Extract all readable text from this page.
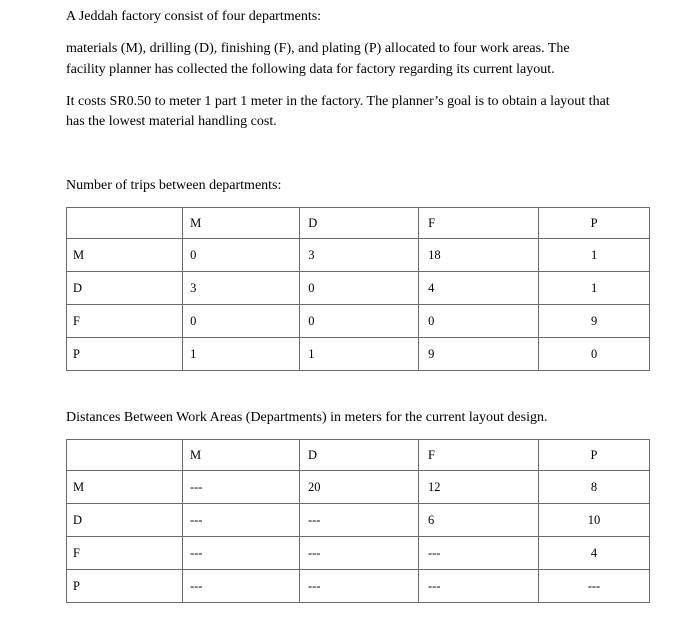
A Jeddah factory consist of four departments:
materials (M), drilling (D), finishing (F), and plating (P) allocated to four work areas. The
facility planner has collected the following data for factory regarding its current layout.
It costs SR0.50 to meter 1 part 1 meter in the factory. The planner’s goal is to obtain a layout that
has the lowest material handling cost.
Number of trips between departments:
	M	D	F	P
M	0	3	18	1
D	3	0	4	1
F	0	0	0	9
P	1	1	9	0
Distances Between Work Areas (Departments) in meters for the current layout design.
	M	D	F	P
M	---	20	12	8
D	---	---	6	10
F	---	---	---	4
P	---	---	---	---
